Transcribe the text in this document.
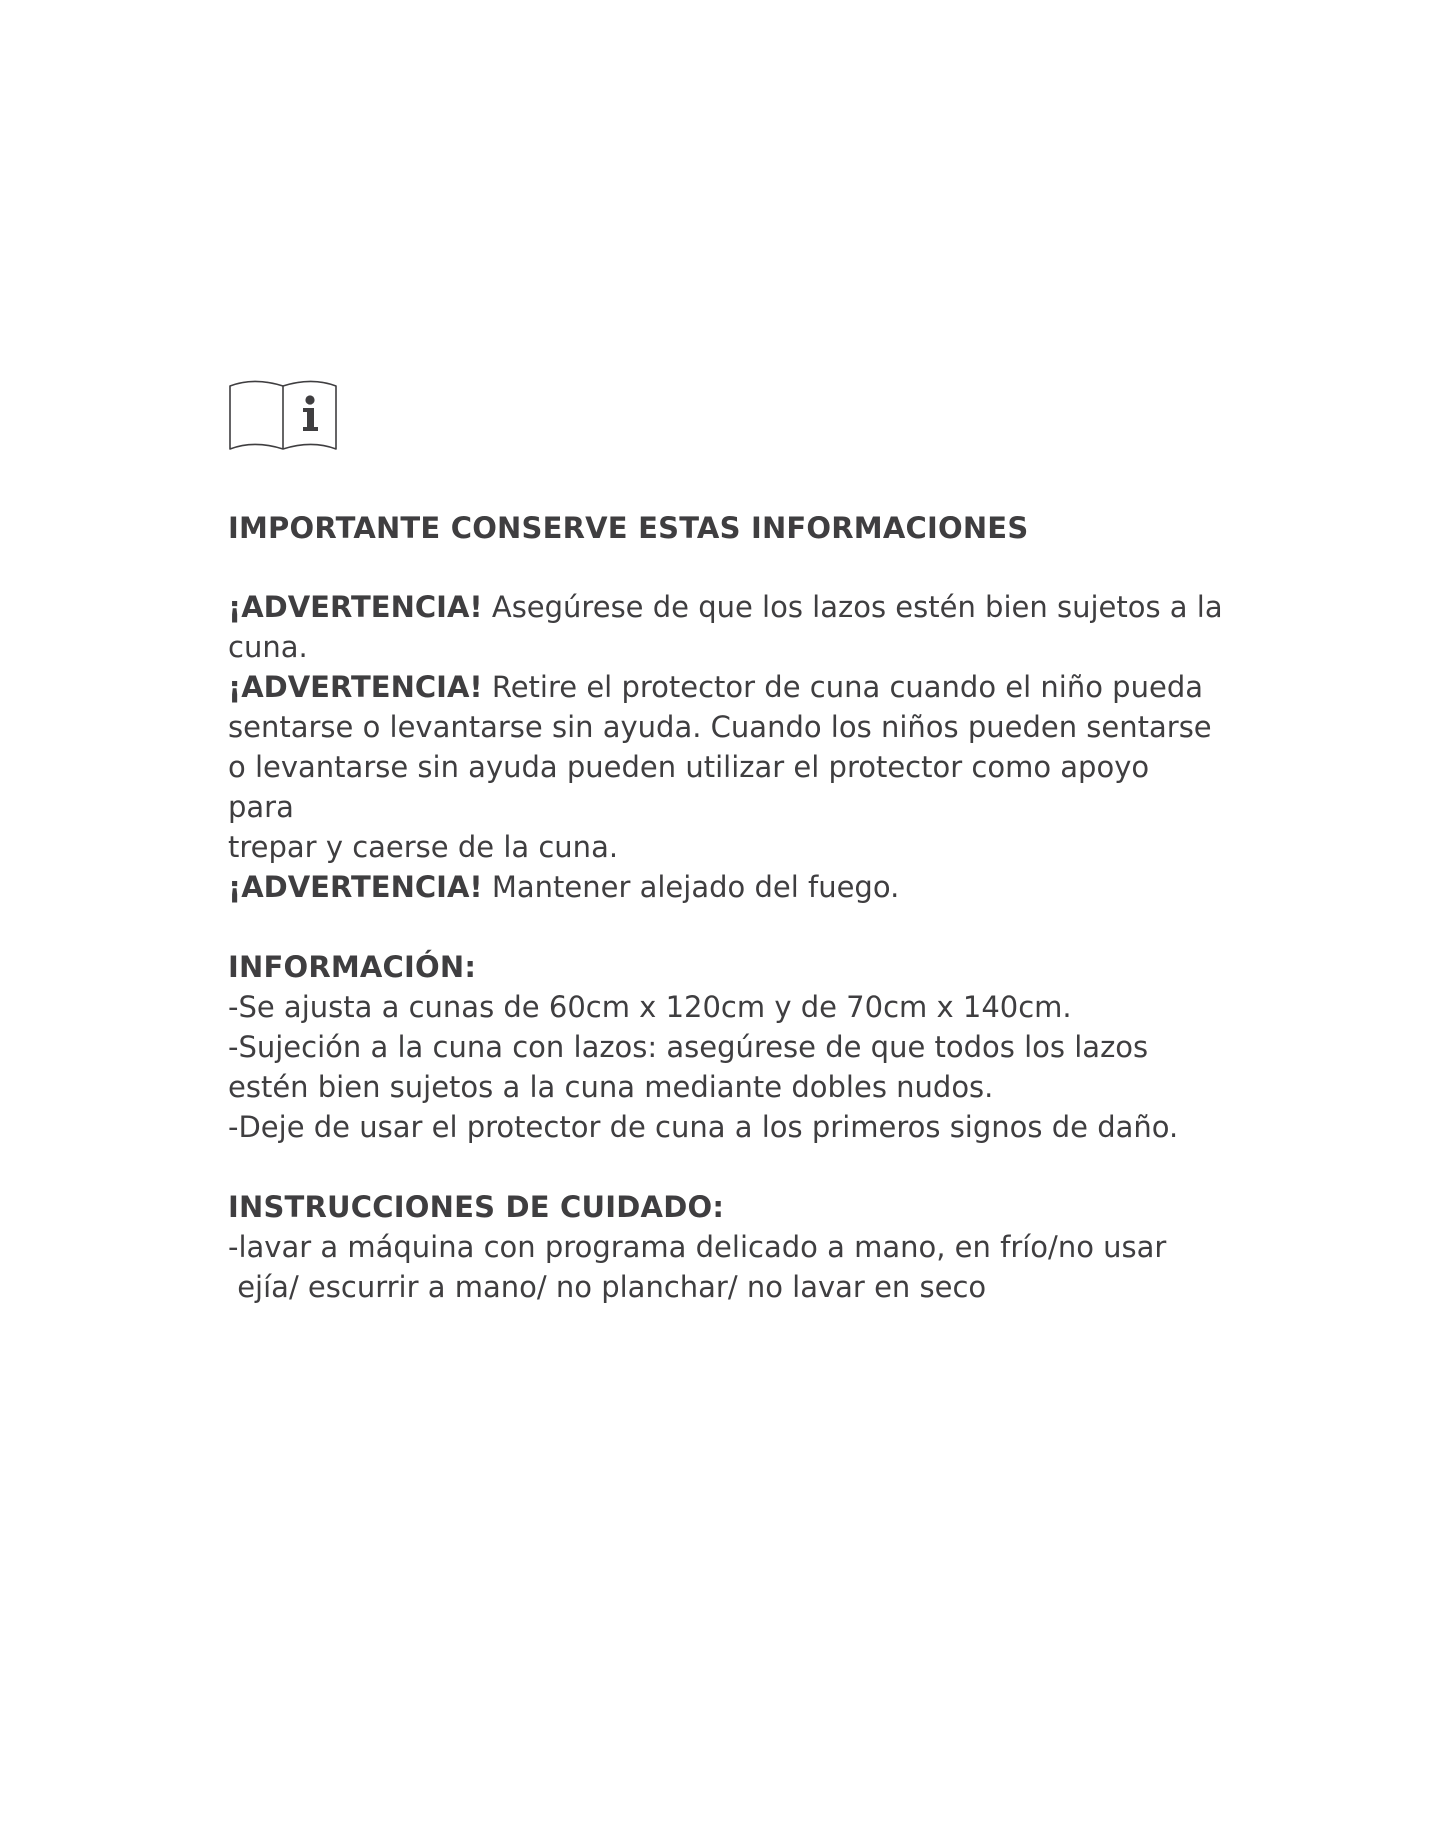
IMPORTANTE CONSERVE ESTAS INFORMACIONES

¡ADVERTENCIA! Asegúrese de que los lazos estén bien sujetos a la
cuna.
¡ADVERTENCIA! Retire el protector de cuna cuando el niño pueda
sentarse o levantarse sin ayuda. Cuando los niños pueden sentarse
o levantarse sin ayuda pueden utilizar el protector como apoyo
para
trepar y caerse de la cuna.
¡ADVERTENCIA! Mantener alejado del fuego.

INFORMACIÓN:

-Se ajusta a cunas de 60cm x 120cm y de 70cm x 140cm.
-Sujeción a la cuna con lazos: asegúrese de que todos los lazos
estén bien sujetos a la cuna mediante dobles nudos.
-Deje de usar el protector de cuna a los primeros signos de daño.

INSTRUCCIONES DE CUIDADO:

-lavar a máquina con programa delicado a mano, en frío/no usar
ejía/ escurrir a mano/ no planchar/ no lavar en seco
